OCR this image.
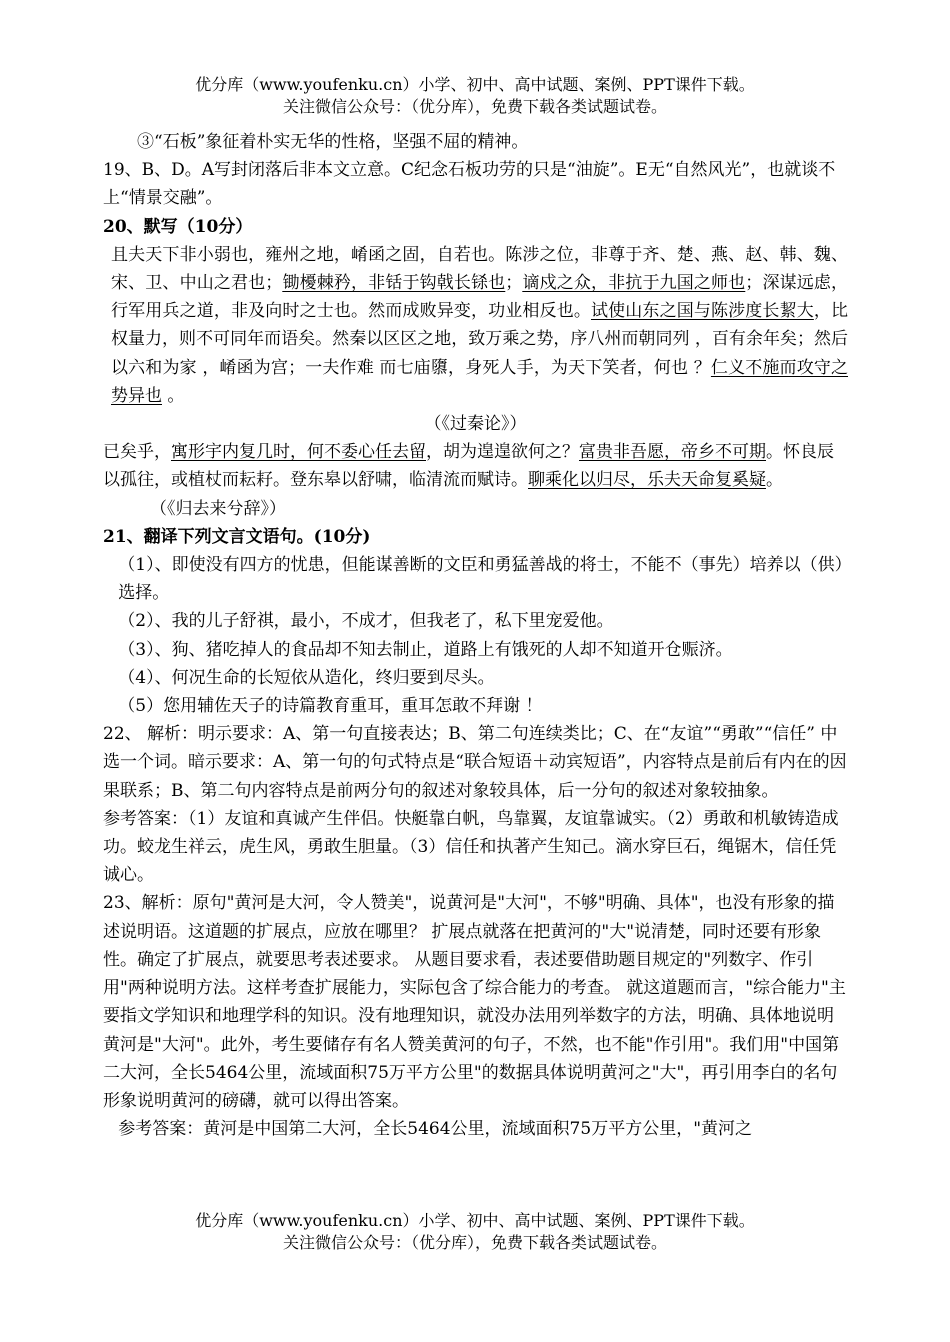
优分库（www.youfenku.cn）小学、初中、高中试题、案例、PPT课件下载。
关注微信公众号：（优分库），免费下载各类试题试卷。

③“石板”象征着朴实无华的性格，坚强不屈的精神。

19、B、D。A写封闭落后非本文立意。C纪念石板功劳的只是“油旋”。E无“自然风光”，也就谈不上“情景交融”。

20、默写（10分）

且夫天下非小弱也，雍州之地，崤函之固，自若也。陈涉之位，非尊于齐、楚、燕、赵、韩、魏、宋、卫、中山之君也；锄櫌棘矜，非铦于钩戟长铩也；谪戍之众，非抗于九国之师也；深谋远虑，行军用兵之道，非及向时之士也。然而成败异变，功业相反也。试使山东之国与陈涉度长絜大，比权量力，则不可同年而语矣。然秦以区区之地，致万乘之势，序八州而朝同列 ，百有余年矣；然后以六和为家 ，崤函为宫；一夫作难 而七庙隳，身死人手，为天下笑者，何也 ？仁义不施而攻守之势异也 。

（《过秦论》）

已矣乎，寓形宇内复几时，何不委心任去留，胡为遑遑欲何之？富贵非吾愿，帝乡不可期。怀良辰以孤往，或植杖而耘耔。登东皋以舒啸，临清流而赋诗。聊乘化以归尽，乐夫天命复奚疑。（《归去来兮辞》）

21、翻译下列文言文语句。(10分)

（1）、即使没有四方的忧患，但能谋善断的文臣和勇猛善战的将士，不能不（事先）培养以（供）选择。

（2）、我的儿子舒祺，最小，不成才，但我老了，私下里宠爱他。

（3）、狗、猪吃掉人的食品却不知去制止，道路上有饿死的人却不知道开仓赈济。

（4）、何况生命的长短依从造化，终归要到尽头。

（5）您用辅佐天子的诗篇教育重耳，重耳怎敢不拜谢 ！

22、 解析：明示要求：A、第一句直接表达；B、第二句连续类比；C、在“友谊”“勇敢”“信任” 中选一个词。暗示要求：A、第一句的句式特点是“联合短语＋动宾短语”，内容特点是前后有内在的因果联系；B、第二句内容特点是前两分句的叙述对象较具体，后一分句的叙述对象较抽象。

参考答案：（1）友谊和真诚产生伴侣。快艇靠白帆，鸟靠翼，友谊靠诚实。（2）勇敢和机敏铸造成功。蛟龙生祥云，虎生风，勇敢生胆量。（3）信任和执著产生知己。滴水穿巨石，绳锯木，信任凭诚心。

23、解析：原句"黄河是大河，令人赞美"，说黄河是"大河"，不够"明确、具体"，也没有形象的描述说明语。这道题的扩展点，应放在哪里？ 扩展点就落在把黄河的"大"说清楚，同时还要有形象性。确定了扩展点，就要思考表述要求。 从题目要求看，表述要借助题目规定的"列数字、作引用"两种说明方法。这样考查扩展能力，实际包含了综合能力的考查。 就这道题而言，"综合能力"主要指文学知识和地理学科的知识。没有地理知识，就没办法用列举数字的方法，明确、具体地说明黄河是"大河"。此外，考生要储存有名人赞美黄河的句子，不然，也不能"作引用"。我们用"中国第二大河，全长5464公里，流域面积75万平方公里"的数据具体说明黄河之"大"，再引用李白的名句形象说明黄河的磅礴，就可以得出答案。

参考答案：黄河是中国第二大河，全长5464公里，流域面积75万平方公里，"黄河之

优分库（www.youfenku.cn）小学、初中、高中试题、案例、PPT课件下载。
关注微信公众号：（优分库），免费下载各类试题试卷。
